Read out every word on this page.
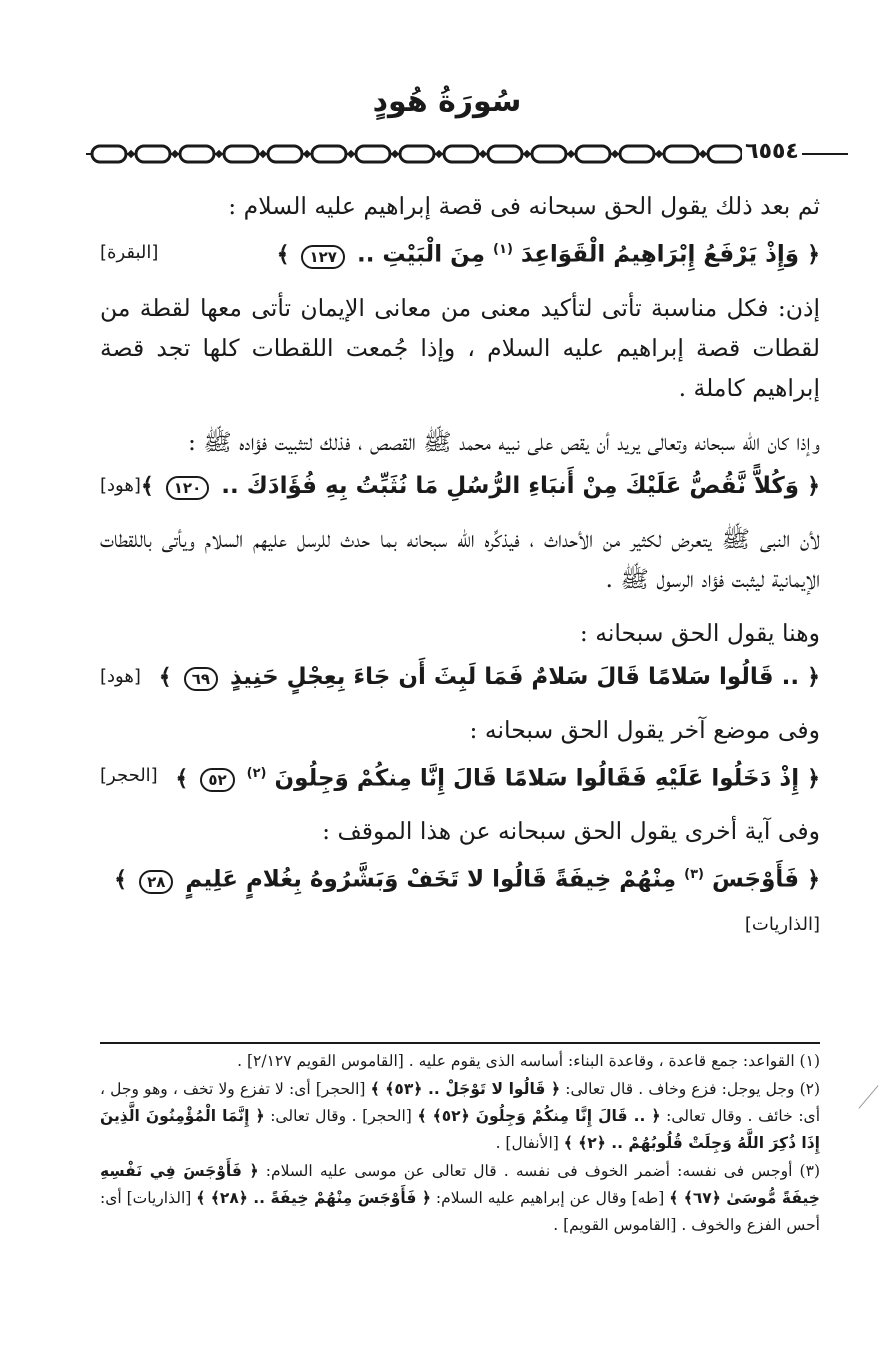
سُورَةُ هُودٍ
٦٥٥٤

ثم بعد ذلك يقول الحق سبحانه فى قصة إبراهيم عليه السلام :

﴿ وَإِذْ يَرْفَعُ إِبْرَاهِيمُ الْقَوَاعِدَ $^{(١)}$ مِنَ الْبَيْتِ .. ١٢٧ ﴾
[البقرة]

إذن: فكل مناسبة تأتى لتأكيد معنى من معانى الإيمان تأتى معها لقطة من لقطات قصة إبراهيم عليه السلام ، وإذا جُمعت اللقطات كلها تجد قصة إبراهيم كاملة .

وإذا كان الله سبحانه وتعالى يريد أن يقص على نبيه محمد ﷺ القصص ، فذلك لتثبيت فؤاده ﷺ :

﴿ وَكُلاًّ نَّقُصُّ عَلَيْكَ مِنْ أَنبَاءِ الرُّسُلِ مَا نُثَبِّتُ بِهِ فُؤَادَكَ .. ١٢٠ ﴾
[هود]

لأن النبى ﷺ يتعرض لكثير من الأحداث ، فيذكِّره الله سبحانه بما حدث للرسل عليهم السلام ويأتى باللقطات الإيمانية ليثبت فؤاد الرسول ﷺ .

وهنا يقول الحق سبحانه :

﴿ .. قَالُوا سَلامًا قَالَ سَلامٌ فَمَا لَبِثَ أَن جَاءَ بِعِجْلٍ حَنِيذٍ ٦٩ ﴾
[هود]

وفى موضع آخر يقول الحق سبحانه :

﴿ إِذْ دَخَلُوا عَلَيْهِ فَقَالُوا سَلامًا قَالَ إِنَّا مِنكُمْ وَجِلُونَ $^{(٢)}$ ٥٢ ﴾
[الحجر]

وفى آية أخرى يقول الحق سبحانه عن هذا الموقف :

﴿ فَأَوْجَسَ $^{(٣)}$ مِنْهُمْ خِيفَةً قَالُوا لا تَخَفْ وَبَشَّرُوهُ بِغُلامٍ عَلِيمٍ ٢٨ ﴾
[الذاريات]

(١) القواعد: جمع قاعدة ، وقاعدة البناء: أساسه الذى يقوم عليه . [القاموس القويم ٢/١٢٧] .

(٢) وجل يوجل: فزع وخاف . قال تعالى: ﴿ قَالُوا لا تَوْجَلْ .. ﴿٥٣﴾ ﴾ [الحجر] أى: لا تفزع ولا تخف ، وهو وجل ، أى: خائف . وقال تعالى: ﴿ .. قَالَ إِنَّا مِنكُمْ وَجِلُونَ ﴿٥٢﴾ ﴾ [الحجر] . وقال تعالى: ﴿ إِنَّمَا الْمُؤْمِنُونَ الَّذِينَ إِذَا ذُكِرَ اللَّهُ وَجِلَتْ قُلُوبُهُمْ .. ﴿٢﴾ ﴾ [الأنفال] .

(٣) أوجس فى نفسه: أضمر الخوف فى نفسه . قال تعالى عن موسى عليه السلام: ﴿ فَأَوْجَسَ فِي نَفْسِهِ خِيفَةً مُّوسَىٰ ﴿٦٧﴾ ﴾ [طه] وقال عن إبراهيم عليه السلام: ﴿ فَأَوْجَسَ مِنْهُمْ خِيفَةً .. ﴿٢٨﴾ ﴾ [الذاريات] أى: أحس الفزع والخوف . [القاموس القويم] .
